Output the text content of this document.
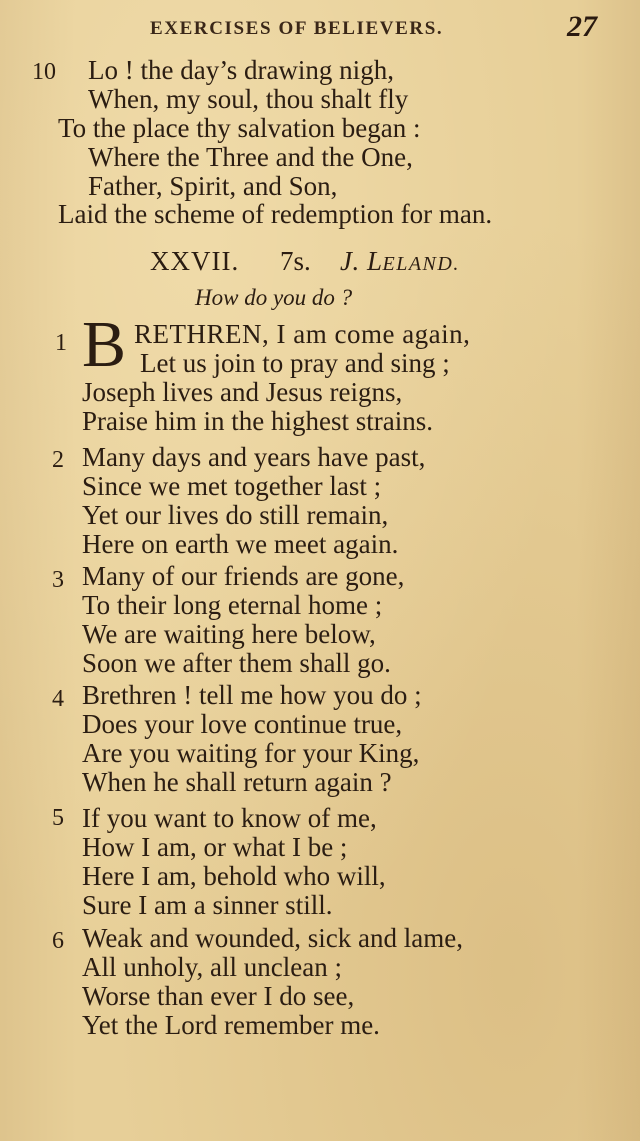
EXERCISES OF BELIEVERS.	27
10 Lo ! the day’s drawing nigh,
When, my soul, thou shalt fly
To the place thy salvation began :
Where the Three and the One,
Father, Spirit, and Son,
Laid the scheme of redemption for man.
XXVII. 7s. J. LELAND.
How do you do ?
1 B RETHREN, I am come again,
Let us join to pray and sing ;
Joseph lives and Jesus reigns,
Praise him in the highest strains.
2 Many days and years have past,
Since we met together last ;
Yet our lives do still remain,
Here on earth we meet again.
3 Many of our friends are gone,
To their long eternal home ;
We are waiting here below,
Soon we after them shall go.
4 Brethren ! tell me how you do ;
Does your love continue true,
Are you waiting for your King,
When he shall return again ?
5 If you want to know of me,
How I am, or what I be ;
Here I am, behold who will,
Sure I am a sinner still.
6 Weak and wounded, sick and lame,
All unholy, all unclean ;
Worse than ever I do see,
Yet the Lord remember me.
